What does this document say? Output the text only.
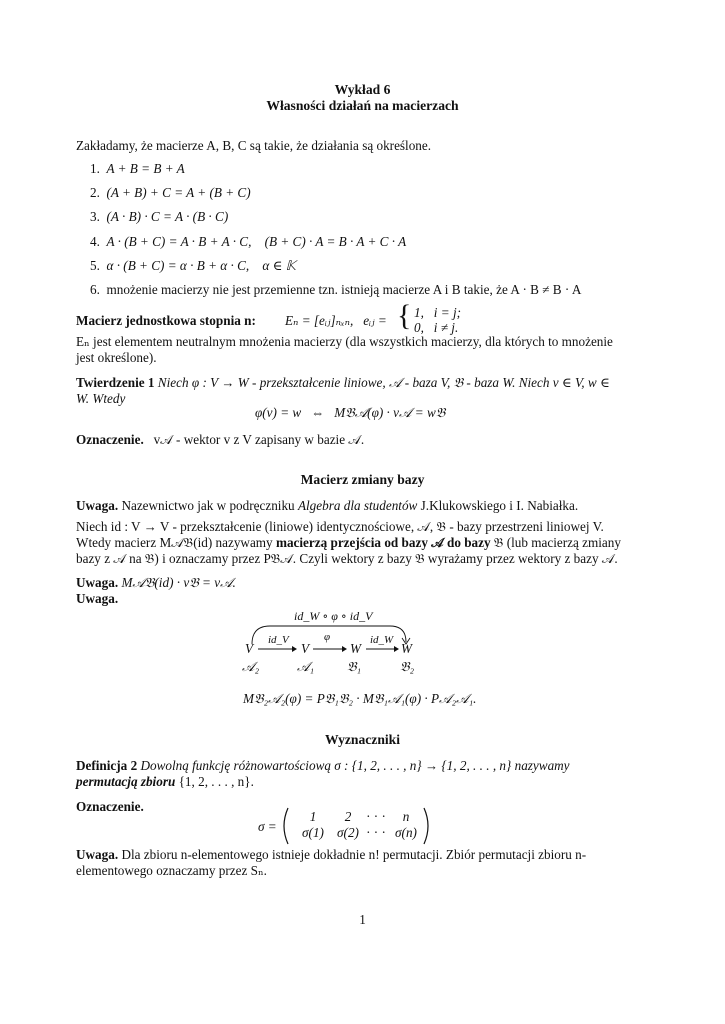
Wykład 6
Własności działań na macierzach
Zakładamy, że macierze A, B, C są takie, że działania są określone.
1. A + B = B + A
2. (A + B) + C = A + (B + C)
3. (A · B) · C = A · (B · C)
4. A · (B + C) = A · B + A · C,    (B + C) · A = B · A + C · A
5. α · (B + C) = α · B + α · C,    α ∈ 𝕂
6. mnożenie macierzy nie jest przemienne tzn. istnieją macierze A i B takie, że A · B ≠ B · A
Macierz jednostkowa stopnia n: Eₙ = [eᵢⱼ]ₙₓₙ,   eᵢⱼ = { 1,   i = j;
0,   i ≠ j.
Eₙ jest elementem neutralnym mnożenia macierzy (dla wszystkich macierzy, dla których to mnożenie jest określone).
Twierdzenie 1 Niech φ : V → W - przekształcenie liniowe, 𝒜 - baza V, 𝔅 - baza W. Niech v ∈ V, w ∈ W. Wtedy
φ(v) = w   ⇔   M𝔅𝒜(φ) · v𝒜 = w𝔅
Oznaczenie. v𝒜 - wektor v z V zapisany w bazie 𝒜.
Macierz zmiany bazy
Uwaga. Nazewnictwo jak w podręczniku Algebra dla studentów J.Klukowskiego i I. Nabiałka.
Niech id : V → V - przekształcenie (liniowe) identycznościowe, 𝒜, 𝔅 - bazy przestrzeni liniowej V. Wtedy macierz M𝒜𝔅(id) nazywamy macierzą przejścia od bazy 𝒜 do bazy 𝔅 (lub macierzą zmiany bazy z 𝒜 na 𝔅) i oznaczamy przez P𝔅𝒜. Czyli wektory z bazy 𝔅 wyrażamy przez wektory z bazy 𝒜.
Uwaga. M𝒜𝔅(id) · v𝔅 = v𝒜.
Uwaga.
id_W ∘ φ ∘ id_V
V	V	W	W
id_V	φ	id_W
𝒜₂	𝒜₁ 𝔅₁	𝔅₂
M𝔅₂𝒜₂(φ) = P𝔅₁𝔅₂ · M𝔅₁𝒜₁(φ) · P𝒜₂𝒜₁.
Wyznaczniki
Definicja 2 Dowolną funkcję różnowartościową σ : {1, 2, . . . , n} → {1, 2, . . . , n} nazywamy permutacją zbioru {1, 2, . . . , n}.
Oznaczenie.
σ =
1	2	· · ·	n
σ(1) σ(2) · · · σ(n)
Uwaga. Dla zbioru n-elementowego istnieje dokładnie n! permutacji. Zbiór permutacji zbioru n-elementowego oznaczamy przez Sₙ.
1
